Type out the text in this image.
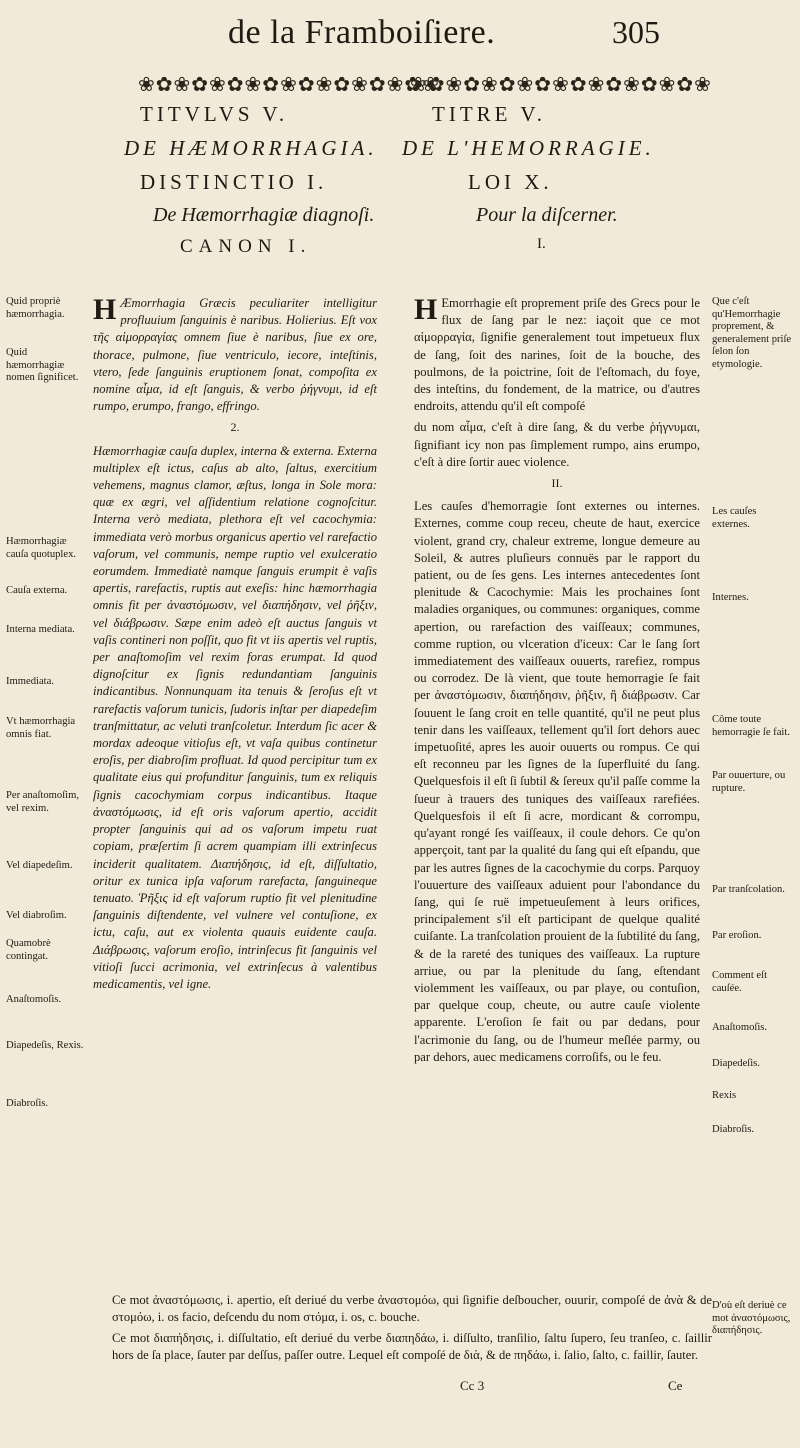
de la Framboiſiere.	305
❀✿❀✿❀✿❀✿❀✿❀✿❀✿❀✿❀
❀✿❀✿❀✿❀✿❀✿❀✿❀✿❀✿❀
TITVLVS V.
DE HÆMORRHAGIA.
DISTINCTIO I.
De Hæmorrhagiæ diagnoſi.
CANON I.
TITRE V.
DE L'HEMORRAGIE.
LOI X.
Pour la diſcerner.
I.
Quid propriè hæmorrhagia.
Quid hæmorrhagiæ nomen ſignificet.
Hæmorrhagiæ cauſa quotuplex.
Cauſa externa.
Interna mediata.
Immediata.
Vt hæmorrhagia omnis fiat.
Per anaſtomoſim, vel rexim.
Vel diapedeſim.
Vel diabroſim.
Quamobrè contingat.
Anaſtomoſis.
Diapedeſis, Rexis.
Diabroſis.

H Æmorrhagia Græcis peculiariter intelligitur profluuium ſanguinis è naribus. Holierius. Eſt vox τῆς αἱμορραγίας omnem ſiue è naribus, ſiue ex ore, thorace, pulmone, ſiue ventriculo, iecore, inteſtinis, vtero, ſede ſanguinis eruptionem ſonat, compoſita ex nomine αἷμα, id eſt ſanguis, & verbo ῥήγνυμι, id eſt rumpo, erumpo, frango, effringo.

2.

Hæmorrhagiæ cauſa duplex, interna & externa. Externa multiplex eſt ictus, caſus ab alto, ſaltus, exercitium vehemens, magnus clamor, æſtus, longa in Sole mora: quæ ex ægri, vel aſſidentium relatione cognoſcitur. Interna verò mediata, plethora eſt vel cacochymia: immediata verò morbus organicus apertio vel rarefactio vaſorum, vel communis, nempe ruptio vel exulceratio eorumdem. Immediatè namque ſanguis erumpit è vaſis apertis, rarefactis, ruptis aut exeſis: hinc hæmorrhagia omnis fit per ἀναστόμωσιν, vel διαπήδησιν, vel ῥῆξιν, vel διάβρωσιν. Sæpe enim adeò eſt auctus ſanguis vt vaſis contineri non poſſit, quo fit vt iis apertis vel ruptis, per anaſtomoſim vel rexim foras erumpat. Id quod dignoſcitur ex ſignis redundantiam ſanguinis indicantibus. Nonnunquam ita tenuis & ſeroſus eſt vt rarefactis vaſorum tunicis, ſudoris inſtar per diapedeſim tranſmittatur, ac veluti tranſcoletur. Interdum ſic acer & mordax adeoque vitioſus eſt, vt vaſa quibus continetur eroſis, per diabroſim profluat. Id quod percipitur tum ex qualitate eius qui profunditur ſanguinis, tum ex reliquis ſignis cacochymiam corpus indicantibus. Itaque ἀναστόμωσις, id eſt oris vaſorum apertio, accidit propter ſanguinis qui ad os vaſorum impetu ruat copiam, præſertim ſi acrem quampiam illi extrinſecus inciderit qualitatem. Διαπήδησις, id eſt, diſſultatio, oritur ex tunica ipſa vaſorum rarefacta, ſanguineque tenuato. Ῥῆξις id eſt vaſorum ruptio fit vel plenitudine ſanguinis diſtendente, vel vulnere vel contuſione, ex ictu, caſu, aut ex violenta quauis euidente cauſa. Διάβρωσις, vaſorum eroſio, intrinſecus fit ſanguinis vel vitioſi ſucci acrimonia, vel extrinſecus à valentibus medicamentis, vel igne.

H Emorrhagie eſt proprement priſe des Grecs pour le flux de ſang par le nez: iaçoit que ce mot αἱμορραγία, ſignifie generalement tout impetueux flux de ſang, ſoit des narines, ſoit de la bouche, des poulmons, de la poictrine, ſoit de l'eſtomach, du foye, des inteſtins, du fondement, de la matrice, ou d'autres endroits, attendu qu'il eſt compoſé

du nom αἷμα, c'eſt à dire ſang, & du verbe ῥήγνυμαι, ſignifiant icy non pas ſimplement rumpo, ains erumpo, c'eſt à dire ſortir auec violence.

II.

Les cauſes d'hemorragie ſont externes ou internes. Externes, comme coup receu, cheute de haut, exercice violent, grand cry, chaleur extreme, longue demeure au Soleil, & autres pluſieurs connuës par le rapport du patient, ou de ſes gens. Les internes antecedentes ſont plenitude & Cacochymie: Mais les prochaines ſont maladies organiques, ou communes: organiques, comme apertion, ou rarefaction des vaiſſeaux; communes, comme ruption, ou vlceration d'iceux: Car le ſang ſort immediatement des vaiſſeaux ouuerts, rarefiez, rompus ou corrodez. De là vient, que toute hemorragie ſe fait per ἀναστόμωσιν, διαπήδησιν, ῥῆξιν, ἢ διάβρωσιν. Car ſouuent le ſang croit en telle quantité, qu'il ne peut plus tenir dans les vaiſſeaux, tellement qu'il ſort dehors auec impetuoſité, apres les auoir ouuerts ou rompus. Ce qui eſt reconneu par les ſignes de la ſuperfluité du ſang. Quelquesfois il eſt ſi ſubtil & ſereux qu'il paſſe comme la ſueur à trauers des tuniques des vaiſſeaux rarefiées. Quelquesfois il eſt ſi acre, mordicant & corrompu, qu'ayant rongé ſes vaiſſeaux, il coule dehors. Ce qu'on apperçoit, tant par la qualité du ſang qui eſt eſpandu, que par les autres ſignes de la cacochymie du corps. Parquoy l'ouuerture des vaiſſeaux aduient pour l'abondance du ſang, qui ſe ruë impetueuſement à leurs orifices, principalement s'il eſt participant de quelque qualité cuiſante. La tranſcolation prouient de la ſubtilité du ſang, & de la rareté des tuniques des vaiſſeaux. La rupture arriue, ou par la plenitude du ſang, eſtendant violemment les vaiſſeaux, ou par playe, ou contuſion, par quelque coup, cheute, ou autre cauſe violente apparente. L'eroſion ſe fait ou par dedans, pour l'acrimonie du ſang, ou de l'humeur meſlée parmy, ou par dehors, auec medicamens corroſifs, ou le feu.

Que c'eſt qu'Hemorrhagie proprement, & generalement priſe ſelon ſon etymologie.
Les cauſes externes.
Internes.
Côme toute hemorragie ſe fait.
Par ouuerture, ou rupture.
Par tranſcolation.
Par eroſion.
Comment eſt cauſée.
Anaſtomoſis.
Diapedeſis.
Rexis
Diabroſis.
D'où eſt deriuè ce mot ἀναστόμωσις, διαπήδησις.
Ce mot ἀναστόμωσις, i. apertio, eſt deriué du verbe ἀναστομόω, qui ſignifie deſboucher, ouurir, compoſé de ἀνὰ & de στομόω, i. os facio, deſcendu du nom στόμα, i. os, c. bouche.
Ce mot διαπήδησις, i. diſſultatio, eſt deriué du verbe διαπηδάω, i. diſſulto, tranſilio, ſaltu ſupero, ſeu tranſeo, c. ſaillir hors de ſa place, ſauter par deſſus, paſſer outre. Lequel eſt compoſé de διὰ, & de πηδάω, i. ſalio, ſalto, c. faillir, ſauter.
Cc 3	Ce
